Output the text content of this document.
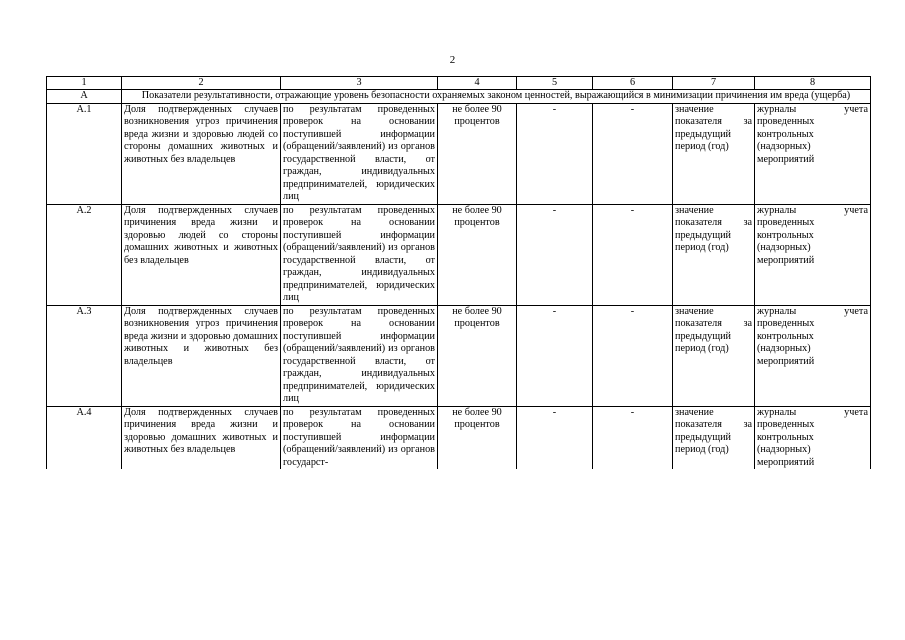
2
1	2	3	4	5	6	7	8
А	Показатели результативности, отражающие уровень безопасности охраняемых законом ценностей, выражающийся в минимизации причинения им вреда (ущерба)						
А.1	Доля подтвержденных случаев возникновения угроз причинения вреда жизни и здоровью людей со стороны домашних животных и животных без владельцев	по результатам проведенных проверок на основании поступившей информации (обращений/заявлений) из органов государственной власти, от граждан, индивидуальных предпринимателей, юридических лиц	не более 90 процентов	-	-	значение показателя за предыдущий период (год)	журналы учета проведенных контрольных (надзорных) мероприятий
А.2	Доля подтвержденных случаев причинения вреда жизни и здоровью людей со стороны домашних животных и животных без владельцев	по результатам проведенных проверок на основании поступившей информации (обращений/заявлений) из органов государственной власти, от граждан, индивидуальных предпринимателей, юридических лиц	не более 90 процентов	-	-	значение показателя за предыдущий период (год)	журналы учета проведенных контрольных (надзорных) мероприятий
А.3	Доля подтвержденных случаев возникновения угроз причинения вреда жизни и здоровью домашних животных и животных без владельцев	по результатам проведенных проверок на основании поступившей информации (обращений/заявлений) из органов государственной власти, от граждан, индивидуальных предпринимателей, юридических лиц	не более 90 процентов	-	-	значение показателя за предыдущий период (год)	журналы учета проведенных контрольных (надзорных) мероприятий
А.4	Доля подтвержденных случаев причинения вреда жизни и здоровью домашних животных и животных без владельцев	по результатам проведенных проверок на основании поступившей информации (обращений/заявлений) из органов государст-	не более 90 процентов	-	-	значение показателя за предыдущий период (год)	журналы учета проведенных контрольных (надзорных) мероприятий
